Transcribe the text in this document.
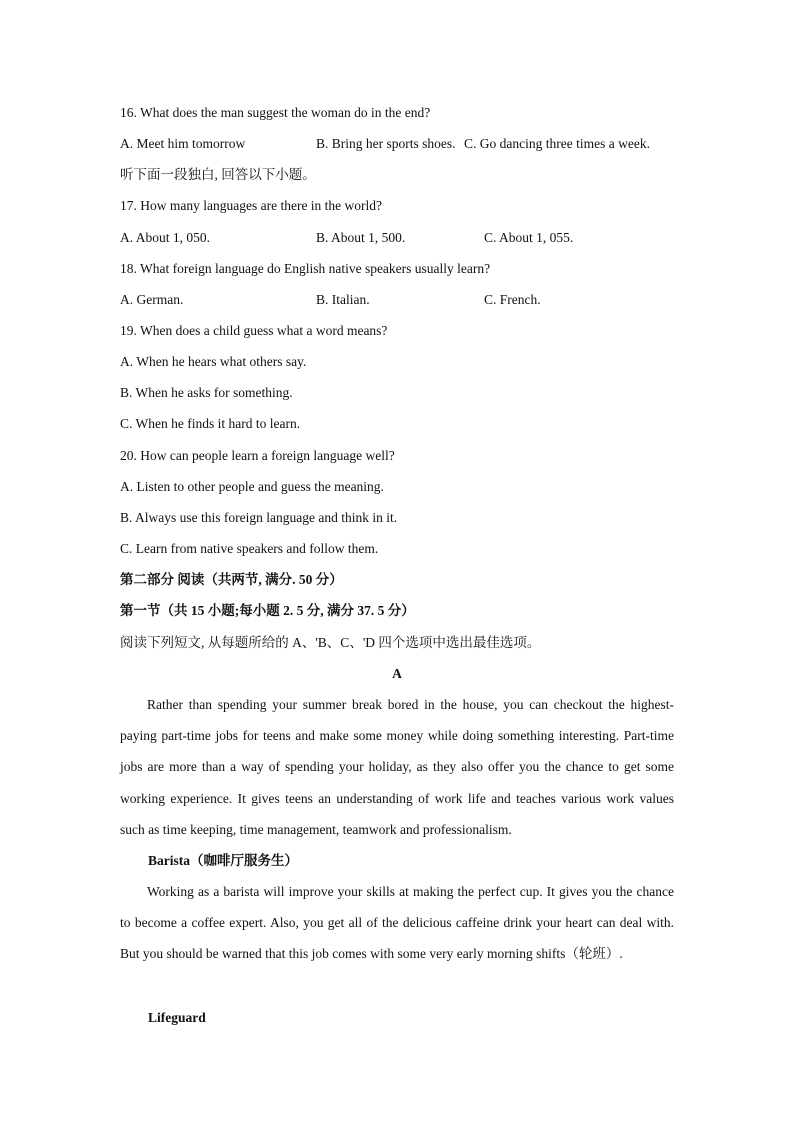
16. What does the man suggest the woman do in the end?
A. Meet him tomorrow	B. Bring her sports shoes. C. Go dancing three times a week.
听下面一段独白, 回答以下小题。
17. How many languages are there in the world?
A. About 1, 050.	B. About 1, 500.	C. About 1, 055.
18. What foreign language do English native speakers usually learn?
A. German.	B. Italian.	C. French.
19. When does a child guess what a word means?
A. When he hears what others say.
B. When he asks for something.
C. When he finds it hard to learn.
20. How can people learn a foreign language well?
A. Listen to other people and guess the meaning.
B. Always use this foreign language and think in it.
C. Learn from native speakers and follow them.
第二部分 阅读（共两节, 满分. 50 分）
第一节（共 15 小题;每小题 2. 5 分, 满分 37. 5 分）
阅读下列短文, 从每题所给的 A、'B、C、'D 四个选项中选出最佳选项。
A

Rather than spending your summer break bored in the house, you can checkout the highest-paying part-time jobs for teens and make some money while doing something interesting. Part-time jobs are more than a way of spending your holiday, as they also offer you the chance to get some working experience. It gives teens an understanding of work life and teaches various work values such as time keeping, time management, teamwork and professionalism.

Barista（咖啡厅服务生）

Working as a barista will improve your skills at making the perfect cup. It gives you the chance to become a coffee expert. Also, you get all of the delicious caffeine drink your heart can deal with. But you should be warned that this job comes with some very early morning shifts（轮班）.

Lifeguard
